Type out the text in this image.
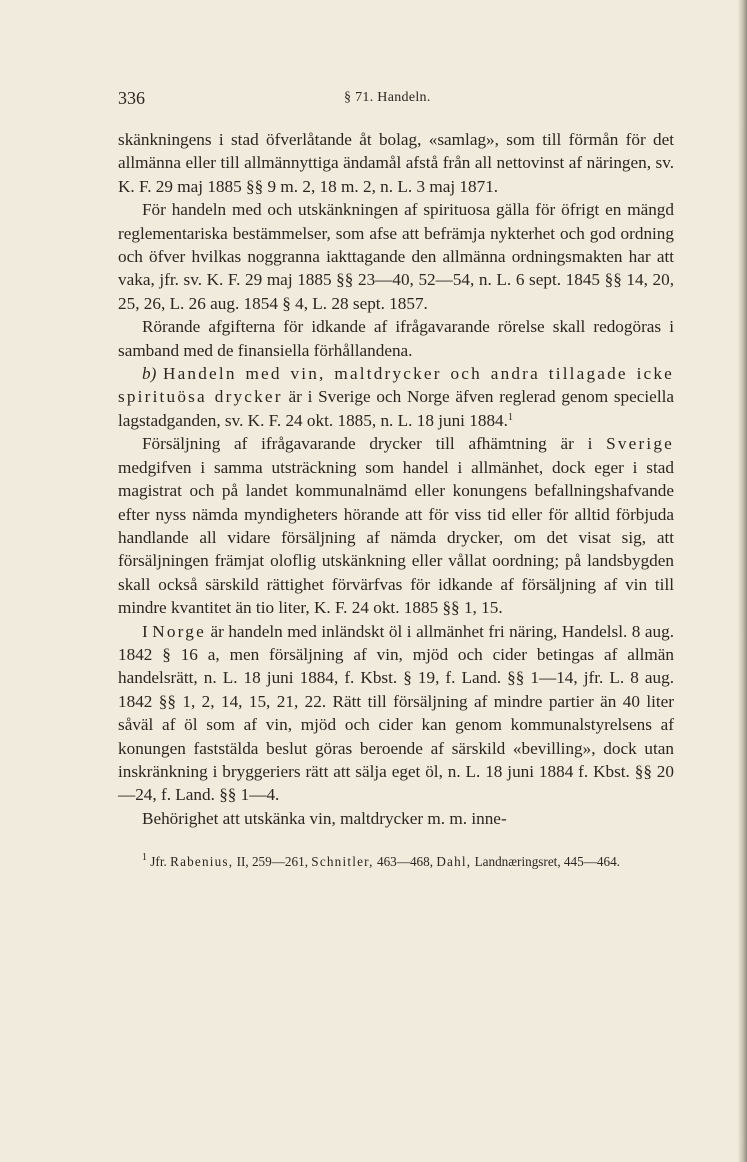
336	§ 71. Handeln.

skänkningens i stad öfverlåtande åt bolag, «samlag», som till förmån för det allmänna eller till allmännyttiga ändamål afstå från all nettovinst af näringen, sv. K. F. 29 maj 1885 §§ 9 m. 2, 18 m. 2, n. L. 3 maj 1871.

För handeln med och utskänkningen af spirituosa gälla för öfrigt en mängd reglementariska bestämmelser, som afse att befrämja nykterhet och god ordning och öfver hvilkas noggranna iakttagande den allmänna ordningsmakten har att vaka, jfr. sv. K. F. 29 maj 1885 §§ 23—40, 52—54, n. L. 6 sept. 1845 §§ 14, 20, 25, 26, L. 26 aug. 1854 § 4, L. 28 sept. 1857.

Rörande afgifterna för idkande af ifrågavarande rörelse skall redogöras i samband med de finansiella förhållandena.

b) Handeln med vin, maltdrycker och andra tillagade icke spirituösa drycker är i Sverige och Norge äfven reglerad genom speciella lagstadganden, sv. K. F. 24 okt. 1885, n. L. 18 juni 1884.$^1$

Försäljning af ifrågavarande drycker till afhämtning är i Sverige medgifven i samma utsträckning som handel i allmänhet, dock eger i stad magistrat och på landet kommunalnämd eller konungens befallningshafvande efter nyss nämda myndigheters hörande att för viss tid eller för alltid förbjuda handlande all vidare försäljning af nämda drycker, om det visat sig, att försäljningen främjat oloflig utskänkning eller vållat oordning; på landsbygden skall också särskild rättighet förvärfvas för idkande af försäljning af vin till mindre kvantitet än tio liter, K. F. 24 okt. 1885 §§ 1, 15.

I Norge är handeln med inländskt öl i allmänhet fri näring, Handelsl. 8 aug. 1842 § 16 a, men försäljning af vin, mjöd och cider betingas af allmän handelsrätt, n. L. 18 juni 1884, f. Kbst. § 19, f. Land. §§ 1—14, jfr. L. 8 aug. 1842 §§ 1, 2, 14, 15, 21, 22. Rätt till försäljning af mindre partier än 40 liter såväl af öl som af vin, mjöd och cider kan genom kommunalstyrelsens af konungen faststälda beslut göras beroende af särskild «bevilling», dock utan inskränkning i bryggeriers rätt att sälja eget öl, n. L. 18 juni 1884 f. Kbst. §§ 20—24, f. Land. §§ 1—4.

Behörighet att utskänka vin, maltdrycker m. m. inne-

$^1$ Jfr. Rabenius, II, 259—261, Schnitler, 463—468, Dahl, Landnæringsret, 445—464.
